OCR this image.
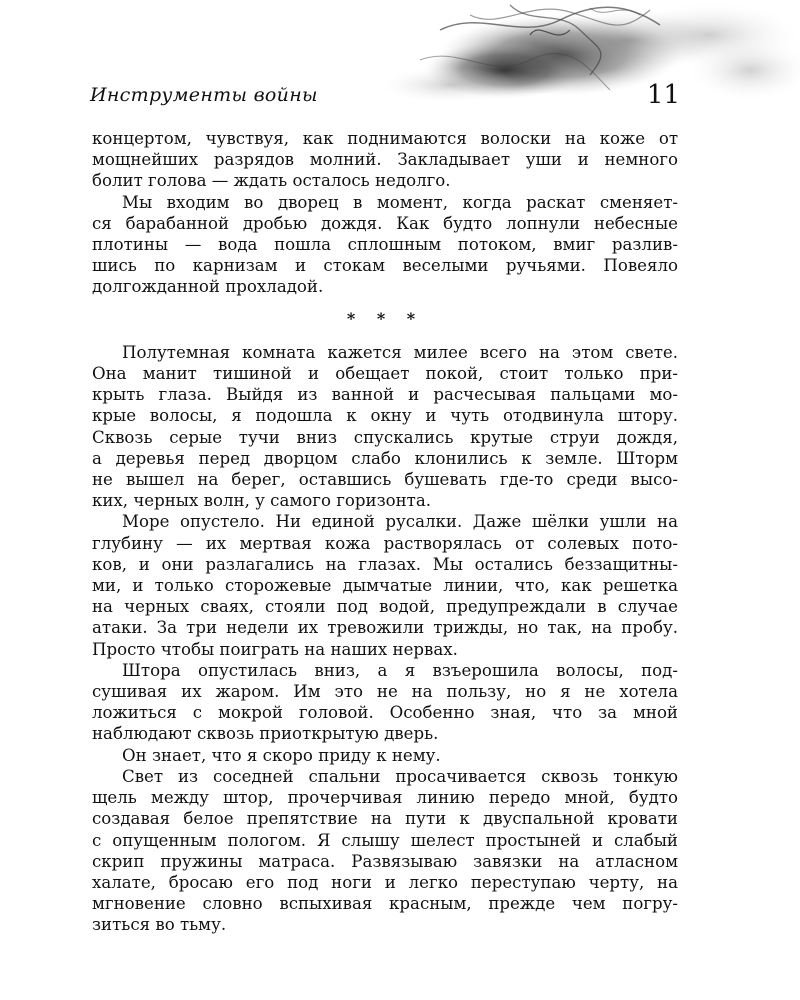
Инструменты войны	11
концертом, чувствуя, как поднимаются волоски на коже от
мощнейших разрядов молний. Закладывает уши и немного
болит голова — ждать осталось недолго.
Мы входим во дворец в момент, когда раскат сменяет-
ся барабанной дробью дождя. Как будто лопнули небесные
плотины — вода пошла сплошным потоком, вмиг разлив-
шись по карнизам и стокам веселыми ручьями. Повеяло
долгожданной прохладой.
* * *
Полутемная комната кажется милее всего на этом свете.
Она манит тишиной и обещает покой, стоит только при-
крыть глаза. Выйдя из ванной и расчесывая пальцами мо-
крые волосы, я подошла к окну и чуть отодвинула штору.
Сквозь серые тучи вниз спускались крутые струи дождя,
а деревья перед дворцом слабо клонились к земле. Шторм
не вышел на берег, оставшись бушевать где-то среди высо-
ких, черных волн, у самого горизонта.
Море опустело. Ни единой русалки. Даже шёлки ушли на
глубину — их мертвая кожа растворялась от солевых пото-
ков, и они разлагались на глазах. Мы остались беззащитны-
ми, и только сторожевые дымчатые линии, что, как решетка
на черных сваях, стояли под водой, предупреждали в случае
атаки. За три недели их тревожили трижды, но так, на пробу.
Просто чтобы поиграть на наших нервах.
Штора опустилась вниз, а я взъерошила волосы, под-
сушивая их жаром. Им это не на пользу, но я не хотела
ложиться с мокрой головой. Особенно зная, что за мной
наблюдают сквозь приоткрытую дверь.
Он знает, что я скоро приду к нему.
Свет из соседней спальни просачивается сквозь тонкую
щель между штор, прочерчивая линию передо мной, будто
создавая белое препятствие на пути к двуспальной кровати
с опущенным пологом. Я слышу шелест простыней и слабый
скрип пружины матраса. Развязываю завязки на атласном
халате, бросаю его под ноги и легко переступаю черту, на
мгновение словно вспыхивая красным, прежде чем погру-
зиться во тьму.
